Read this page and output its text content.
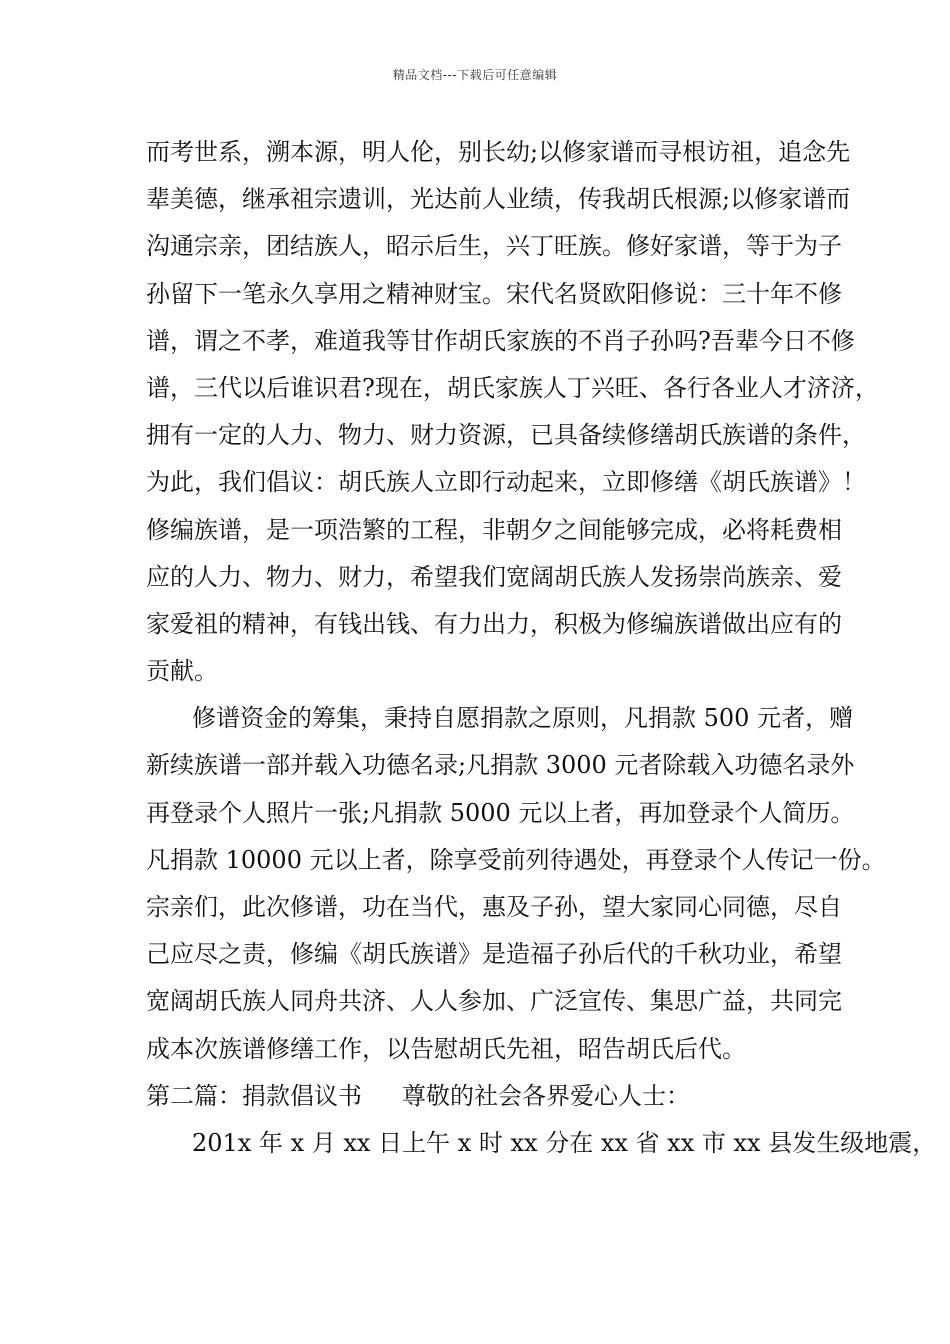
精品文档---下载后可任意编辑
而考世系，溯本源，明人伦，别长幼;以修家谱而寻根访祖，追念先
辈美德，继承祖宗遗训，光达前人业绩，传我胡氏根源;以修家谱而
沟通宗亲，团结族人，昭示后生，兴丁旺族。修好家谱，等于为子
孙留下一笔永久享用之精神财宝。宋代名贤欧阳修说：三十年不修
谱，谓之不孝，难道我等甘作胡氏家族的不肖子孙吗?吾辈今日不修
谱，三代以后谁识君?现在，胡氏家族人丁兴旺、各行各业人才济济，
拥有一定的人力、物力、财力资源，已具备续修缮胡氏族谱的条件，
为此，我们倡议：胡氏族人立即行动起来，立即修缮《胡氏族谱》！
修编族谱，是一项浩繁的工程，非朝夕之间能够完成，必将耗费相
应的人力、物力、财力，希望我们宽阔胡氏族人发扬崇尚族亲、爱
家爱祖的精神，有钱出钱、有力出力，积极为修编族谱做出应有的
贡献。
修谱资金的筹集，秉持自愿捐款之原则，凡捐款 500 元者，赠
新续族谱一部并载入功德名录;凡捐款 3000 元者除载入功德名录外
再登录个人照片一张;凡捐款 5000 元以上者，再加登录个人简历。
凡捐款 10000 元以上者，除享受前列待遇处，再登录个人传记一份。
宗亲们，此次修谱，功在当代，惠及子孙，望大家同心同德，尽自
己应尽之责，修编《胡氏族谱》是造福子孙后代的千秋功业，希望
宽阔胡氏族人同舟共济、人人参加、广泛宣传、集思广益，共同完
成本次族谱修缮工作，以告慰胡氏先祖，昭告胡氏后代。
第二篇：捐款倡议书 尊敬的社会各界爱心人士：
201x 年 x 月 xx 日上午 x 时 xx 分在 xx 省 xx 市 xx 县发生级地震，
